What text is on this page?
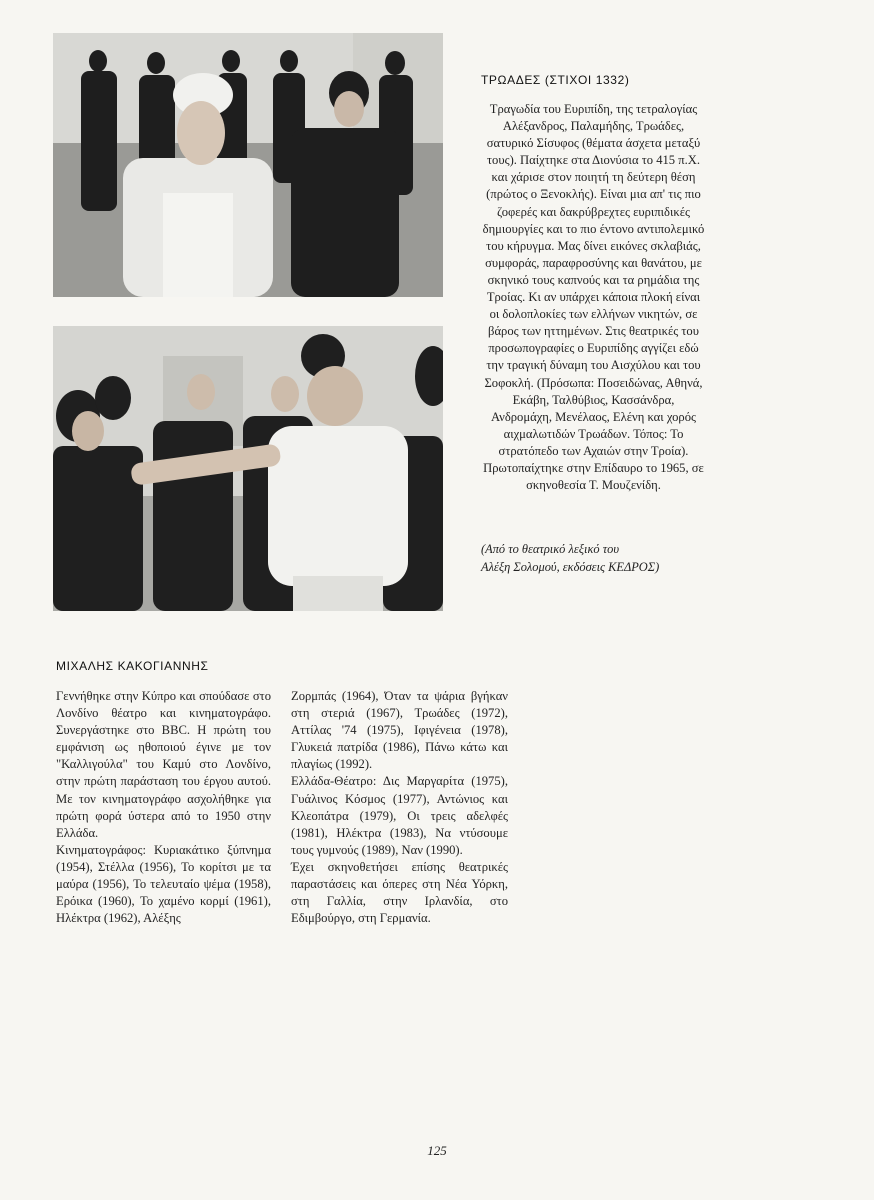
ΤΡΩΑΔΕΣ (ΣΤΙΧΟΙ 1332)

Τραγωδία του Ευριπίδη, της τετραλογίας Αλέξανδρος, Παλαμήδης, Τρωάδες, σατυρικό Σίσυφος (θέματα άσχετα μεταξύ τους). Παίχτηκε στα Διονύσια το 415 π.Χ. και χάρισε στον ποιητή τη δεύτερη θέση (πρώτος ο Ξενοκλής). Είναι μια απ' τις πιο ζοφερές και δακρύβρεχτες ευριπιδικές δημιουργίες και το πιο έντονο αντιπολεμικό του κήρυγμα. Μας δίνει εικόνες σκλαβιάς, συμφοράς, παραφροσύνης και θανάτου, με σκηνικό τους καπνούς και τα ρημάδια της Τροίας. Κι αν υπάρχει κάποια πλοκή είναι οι δολοπλοκίες των ελλήνων νικητών, σε βάρος των ηττημένων. Στις θεατρικές του προσωπογραφίες ο Ευριπίδης αγγίζει εδώ την τραγική δύναμη του Αισχύλου και του Σοφοκλή. (Πρόσωπα: Ποσειδώνας, Αθηνά, Εκάβη, Ταλθύβιος, Κασσάνδρα, Ανδρομάχη, Μενέλαος, Ελένη και χορός αιχμαλωτιδών Τρωάδων. Τόπος: Το στρατόπεδο των Αχαιών στην Τροία). Πρωτοπαίχτηκε στην Επίδαυρο το 1965, σε σκηνοθεσία Τ. Μουζενίδη.

(Από το θεατρικό λεξικό του

Αλέξη Σολομού, εκδόσεις ΚΕΔΡΟΣ)

ΜΙΧΑΛΗΣ ΚΑΚΟΓΙΑΝΝΗΣ

Γεννήθηκε στην Κύπρο και σπούδασε στο Λονδίνο θέατρο και κινηματογράφο. Συνεργάστηκε στο BBC. Η πρώτη του εμφάνιση ως ηθοποιού έγινε με τον "Καλλιγούλα" του Καμύ στο Λονδίνο, στην πρώτη παράσταση του έργου αυτού. Με τον κινηματογράφο ασχολήθηκε για πρώτη φορά ύστερα από το 1950 στην Ελλάδα.

Κινηματογράφος: Κυριακάτικο ξύπνημα (1954), Στέλλα (1956), Το κορίτσι με τα μαύρα (1956), Το τελευταίο ψέμα (1958), Ερόικα (1960), Το χαμένο κορμί (1961), Ηλέκτρα (1962), Αλέξης

Ζορμπάς (1964), Όταν τα ψάρια βγήκαν στη στεριά (1967), Τρωάδες (1972), Αττίλας '74 (1975), Ιφιγένεια (1978), Γλυκειά πατρίδα (1986), Πάνω κάτω και πλαγίως (1992).

Ελλάδα-Θέατρο: Δις Μαργαρίτα (1975), Γυάλινος Κόσμος (1977), Αντώνιος και Κλεοπάτρα (1979), Οι τρεις αδελφές (1981), Ηλέκτρα (1983), Να ντύσουμε τους γυμνούς (1989), Ναν (1990).

Έχει σκηνοθετήσει επίσης θεατρικές παραστάσεις και όπερες στη Νέα Υόρκη, στη Γαλλία, στην Ιρλανδία, στο Εδιμβούργο, στη Γερμανία.

125
